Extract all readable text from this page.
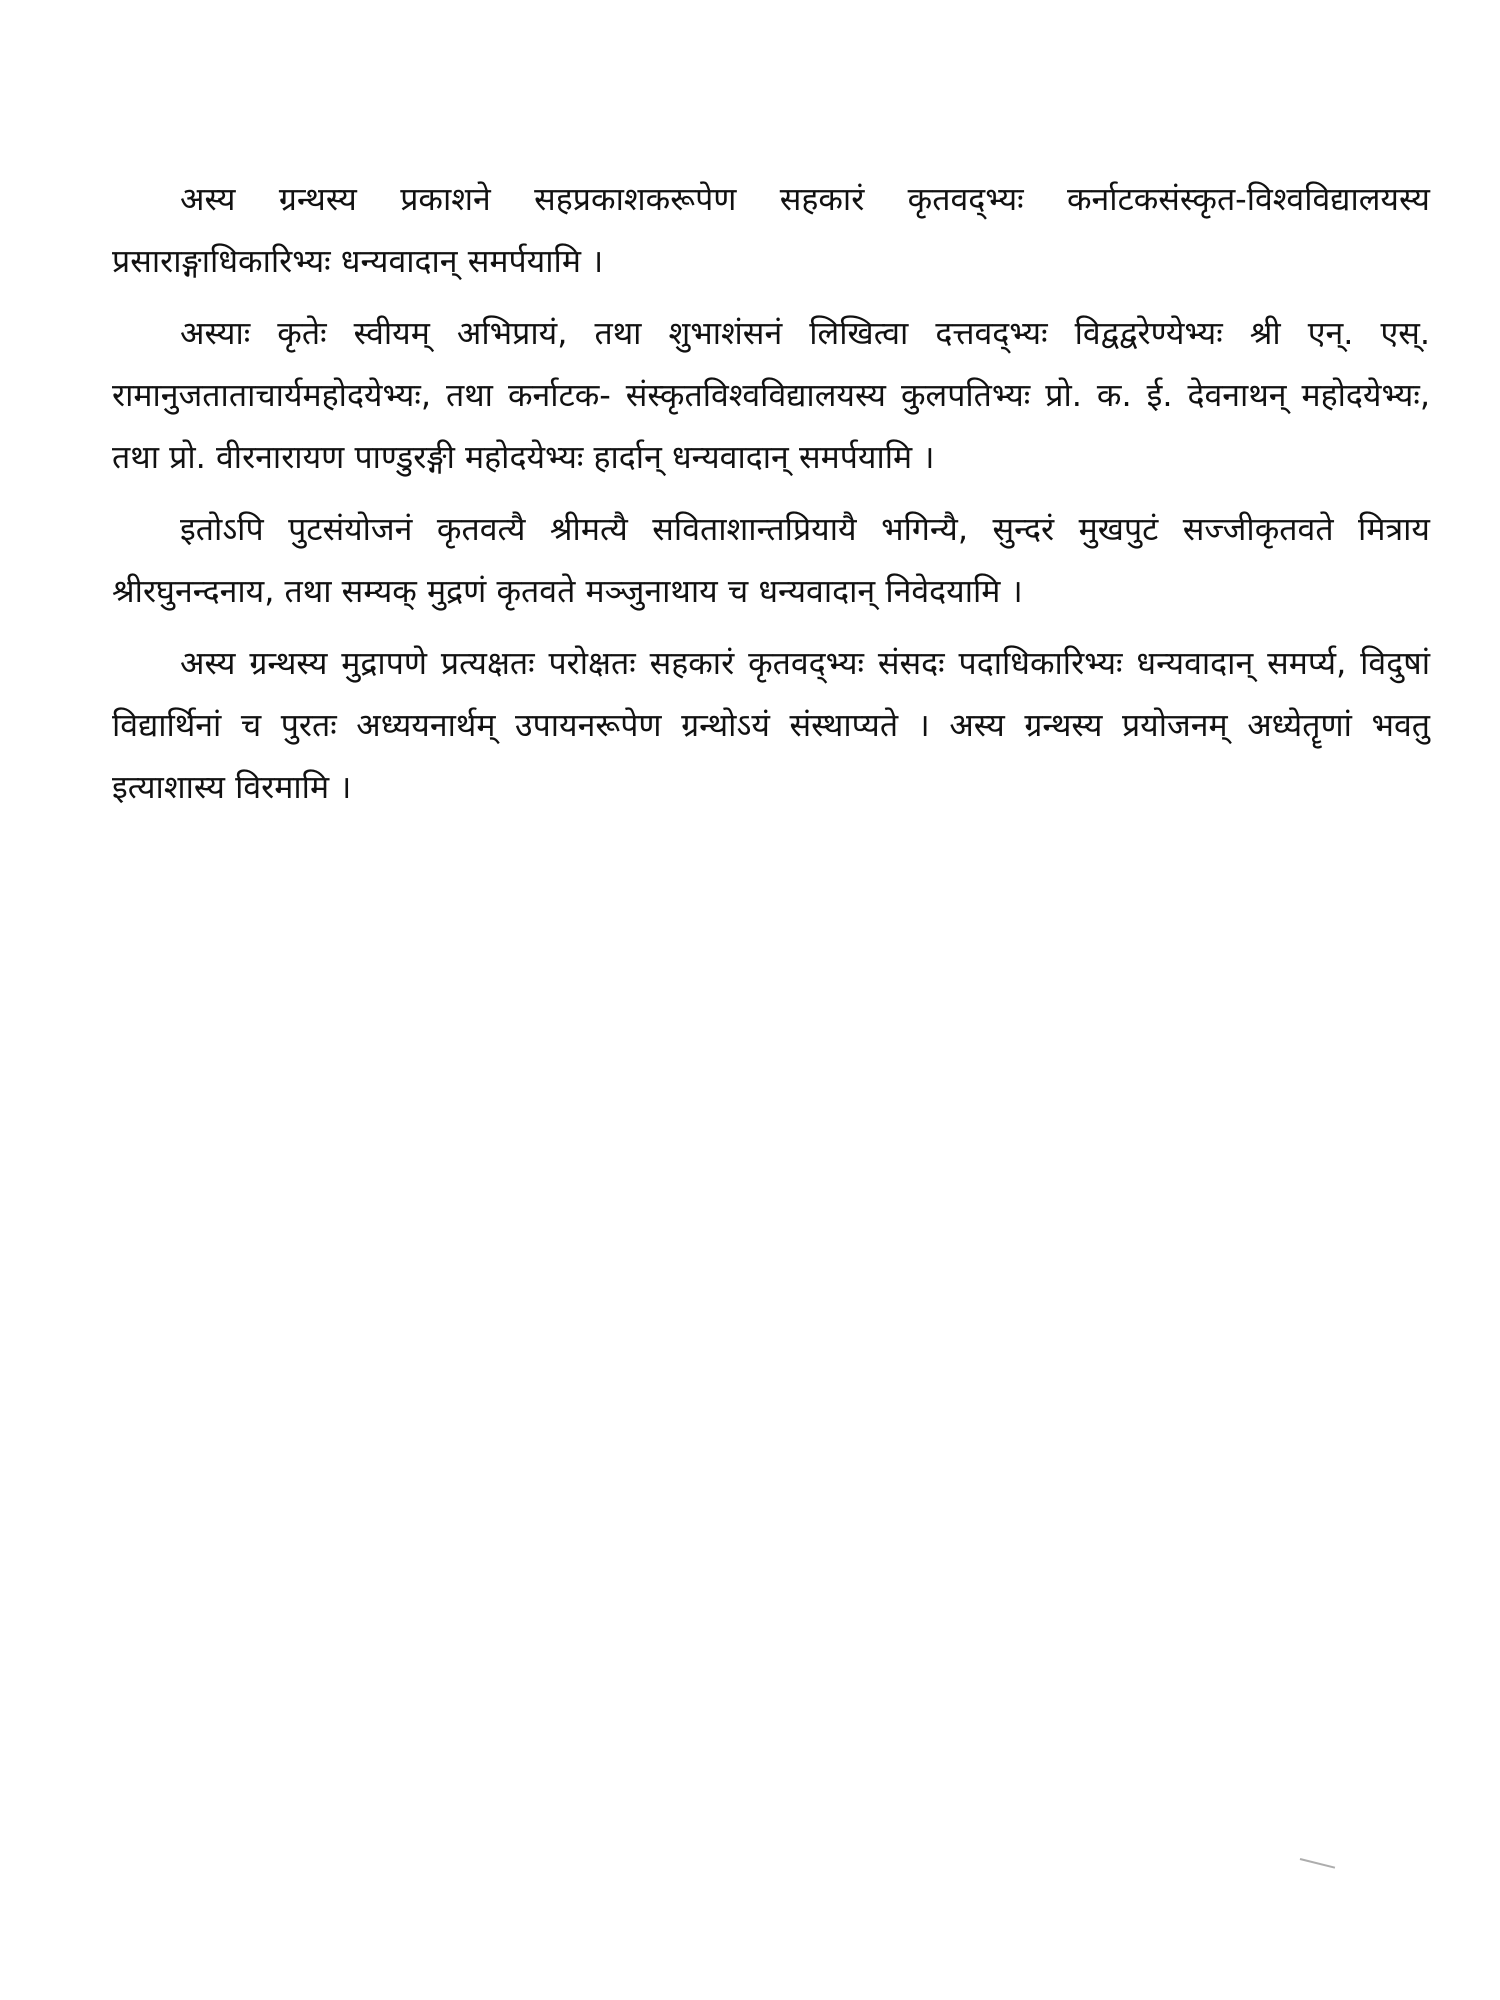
अस्य ग्रन्थस्य प्रकाशने सहप्रकाशकरूपेण सहकारं कृतवद्भ्यः कर्नाटकसंस्कृत-विश्वविद्यालयस्य प्रसाराङ्गाधिकारिभ्यः धन्यवादान् समर्पयामि ।

अस्याः कृतेः स्वीयम् अभिप्रायं, तथा शुभाशंसनं लिखित्वा दत्तवद्भ्यः विद्वद्वरेण्येभ्यः श्री एन्. एस्. रामानुजताताचार्यमहोदयेभ्यः, तथा कर्नाटक- संस्कृतविश्वविद्यालयस्य कुलपतिभ्यः प्रो. क. ई. देवनाथन् महोदयेभ्यः, तथा प्रो. वीरनारायण पाण्डुरङ्गी महोदयेभ्यः हार्दान् धन्यवादान् समर्पयामि ।

इतोऽपि पुटसंयोजनं कृतवत्यै श्रीमत्यै सविताशान्तप्रियायै भगिन्यै, सुन्दरं मुखपुटं सज्जीकृतवते मित्राय श्रीरघुनन्दनाय, तथा सम्यक् मुद्रणं कृतवते मञ्जुनाथाय च धन्यवादान् निवेदयामि ।

अस्य ग्रन्थस्य मुद्रापणे प्रत्यक्षतः परोक्षतः सहकारं कृतवद्भ्यः संसदः पदाधिकारिभ्यः धन्यवादान् समर्प्य, विदुषां विद्यार्थिनां च पुरतः अध्ययनार्थम् उपायनरूपेण ग्रन्थोऽयं संस्थाप्यते । अस्य ग्रन्थस्य प्रयोजनम् अध्येतॄणां भवतु इत्याशास्य विरमामि ।
